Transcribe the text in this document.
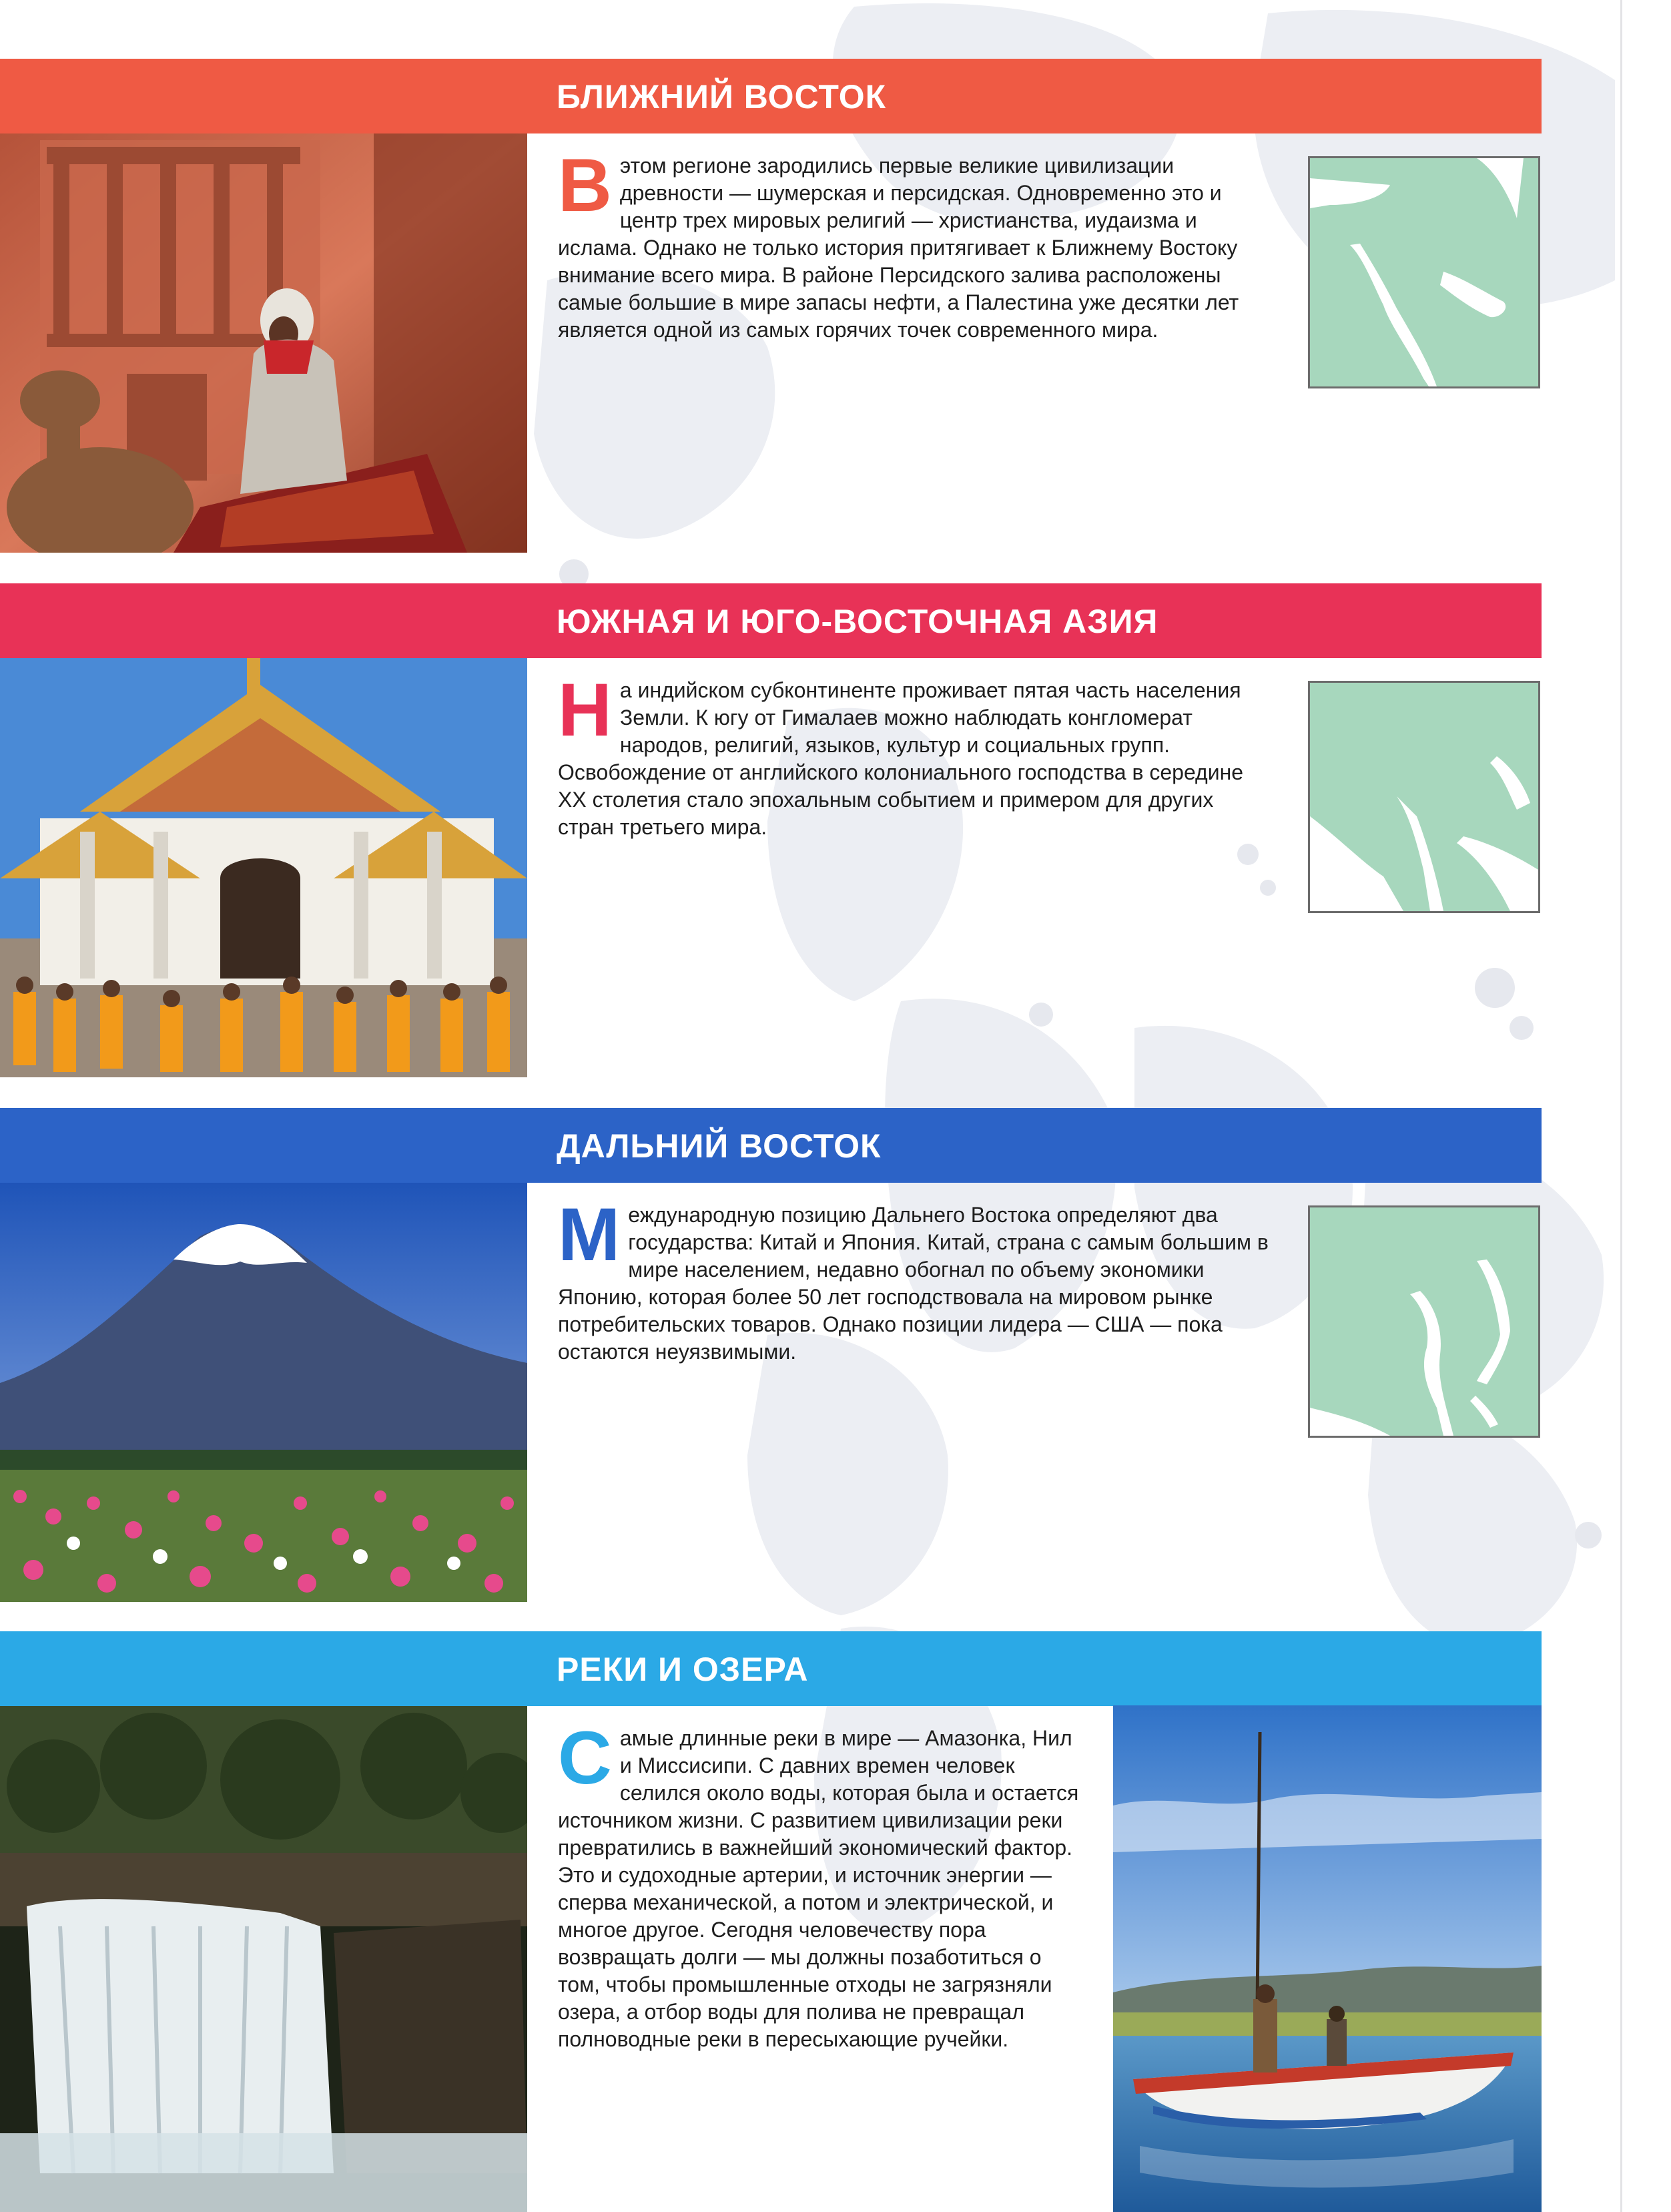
БЛИЖНИЙ ВОСТОК
Вэтом регионе зародились первые великие цивилизации древности — шумерская и персидская. Одновременно это и центр трех мировых религий — христианства, иудаизма и ислама. Однако не только история притягивает к Ближнему Востоку внимание всего мира. В районе Персидского залива расположены самые большие в мире запасы нефти, а Палестина уже десятки лет является одной из самых горячих точек современного мира.
ЮЖНАЯ И ЮГО-ВОСТОЧНАЯ АЗИЯ
На индийском субконтиненте проживает пятая часть населения Земли. К югу от Гималаев можно наблюдать конгломерат народов, религий, языков, культур и социальных групп. Освобождение от английского колониального господства в середине XX столетия стало эпохальным событием и примером для других стран третьего мира.
ДАЛЬНИЙ ВОСТОК
Международную позицию Дальнего Востока определяют два государства: Китай и Япония. Китай, страна с самым большим в мире населением, недавно обогнал по объему экономики Японию, которая более 50 лет господствовала на мировом рынке потребительских товаров. Однако позиции лидера — США — пока остаются неуязвимыми.
РЕКИ И ОЗЕРА
Самые длинные реки в мире — Амазонка, Нил и Миссисипи. С давних времен человек селился около воды, которая была и остается источником жизни. С развитием цивилизации реки превратились в важнейший экономический фактор. Это и судоходные артерии, и источник энергии — сперва механической, а потом и электрической, и многое другое. Сегодня человечеству пора возвращать долги — мы должны позаботиться о том, чтобы промышленные отходы не загрязняли озера, а отбор воды для полива не превращал полноводные реки в пересыхающие ручейки.
